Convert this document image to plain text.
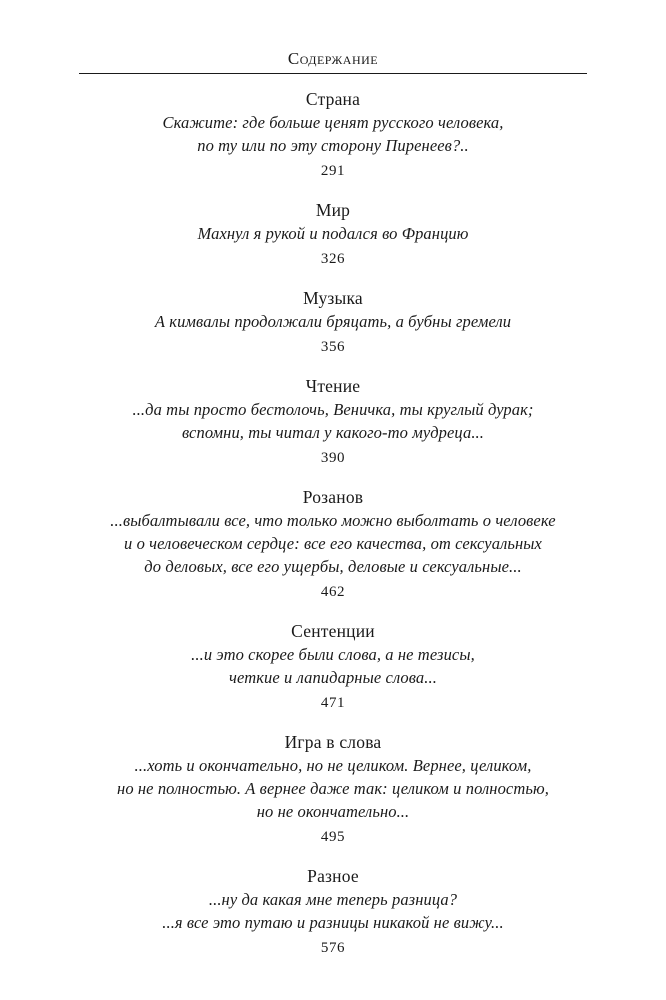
Содержание
Страна
Скажите: где больше ценят русского человека,
по ту или по эту сторону Пиренеев?..
291
Мир
Махнул я рукой и подался во Францию
326
Музыка
А кимвалы продолжали бряцать, а бубны гремели
356
Чтение
...да ты просто бестолочь, Веничка, ты круглый дурак;
вспомни, ты читал у какого-то мудреца...
390
Розанов
...выбалтывали все, что только можно выболтать о человеке
и о человеческом сердце: все его качества, от сексуальных
до деловых, все его ущербы, деловые и сексуальные...
462
Сентенции
...и это скорее были слова, а не тезисы,
четкие и лапидарные слова...
471
Игра в слова
...хоть и окончательно, но не целиком. Вернее, целиком,
но не полностью. А вернее даже так: целиком и полностью,
но не окончательно...
495
Разное
...ну да какая мне теперь разница?
...я все это путаю и разницы никакой не вижу...
576
